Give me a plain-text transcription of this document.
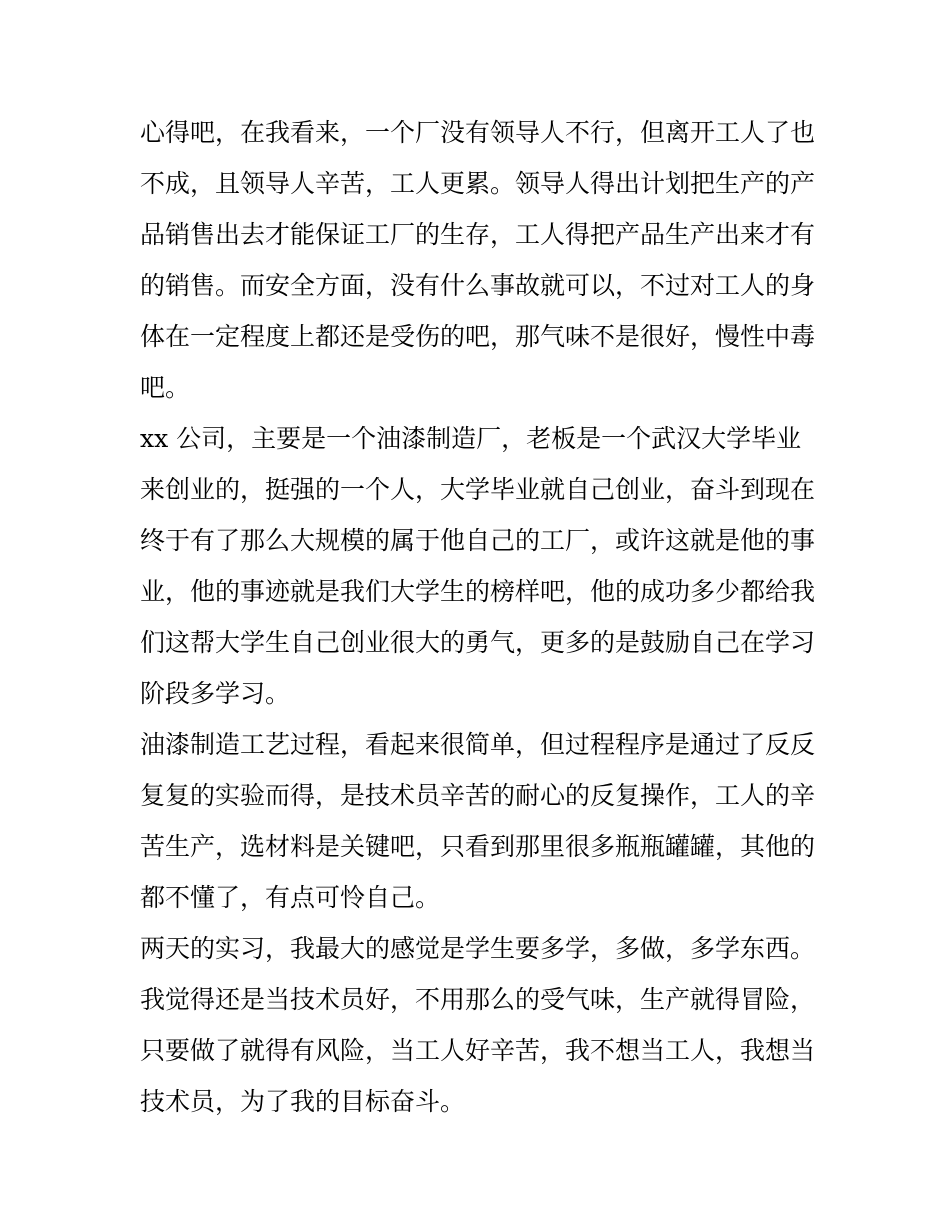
心得吧，在我看来，一个厂没有领导人不行，但离开工人了也
不成，且领导人辛苦，工人更累。领导人得出计划把生产的产
品销售出去才能保证工厂的生存，工人得把产品生产出来才有
的销售。而安全方面，没有什么事故就可以，不过对工人的身
体在一定程度上都还是受伤的吧，那气味不是很好，慢性中毒
吧。
xx 公司，主要是一个油漆制造厂，老板是一个武汉大学毕业
来创业的，挺强的一个人，大学毕业就自己创业，奋斗到现在
终于有了那么大规模的属于他自己的工厂，或许这就是他的事
业，他的事迹就是我们大学生的榜样吧，他的成功多少都给我
们这帮大学生自己创业很大的勇气，更多的是鼓励自己在学习
阶段多学习。
油漆制造工艺过程，看起来很简单，但过程程序是通过了反反
复复的实验而得，是技术员辛苦的耐心的反复操作，工人的辛
苦生产，选材料是关键吧，只看到那里很多瓶瓶罐罐，其他的
都不懂了，有点可怜自己。
两天的实习，我最大的感觉是学生要多学，多做，多学东西。
我觉得还是当技术员好，不用那么的受气味，生产就得冒险，
只要做了就得有风险，当工人好辛苦，我不想当工人，我想当
技术员，为了我的目标奋斗。
